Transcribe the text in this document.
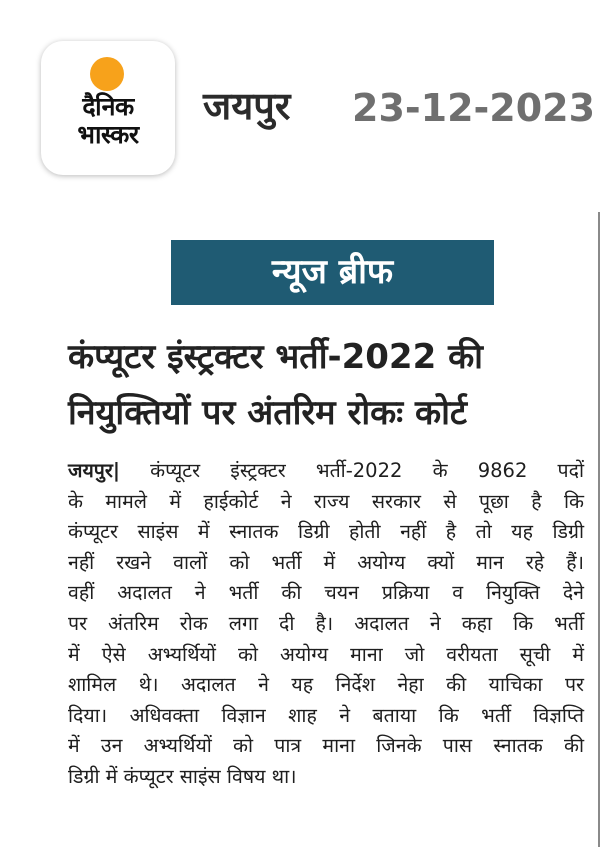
दैनिक
भास्कर
जयपुर 23-12-2023
न्यूज ब्रीफ
कंप्यूटर इंस्ट्रक्टर भर्ती-2022 की
नियुक्तियों पर अंतरिम रोकः कोर्ट
जयपुर| कंप्यूटर इंस्ट्रक्टर भर्ती-2022 के 9862 पदों
के मामले में हाईकोर्ट ने राज्य सरकार से पूछा है कि
कंप्यूटर साइंस में स्नातक डिग्री होती नहीं है तो यह डिग्री
नहीं रखने वालों को भर्ती में अयोग्य क्यों मान रहे हैं।
वहीं अदालत ने भर्ती की चयन प्रक्रिया व नियुक्ति देने
पर अंतरिम रोक लगा दी है। अदालत ने कहा कि भर्ती
में ऐसे अभ्यर्थियों को अयोग्य माना जो वरीयता सूची में
शामिल थे। अदालत ने यह निर्देश नेहा की याचिका पर
दिया। अधिवक्ता विज्ञान शाह ने बताया कि भर्ती विज्ञप्ति
में उन अभ्यर्थियों को पात्र माना जिनके पास स्नातक की
डिग्री में कंप्यूटर साइंस विषय था।
